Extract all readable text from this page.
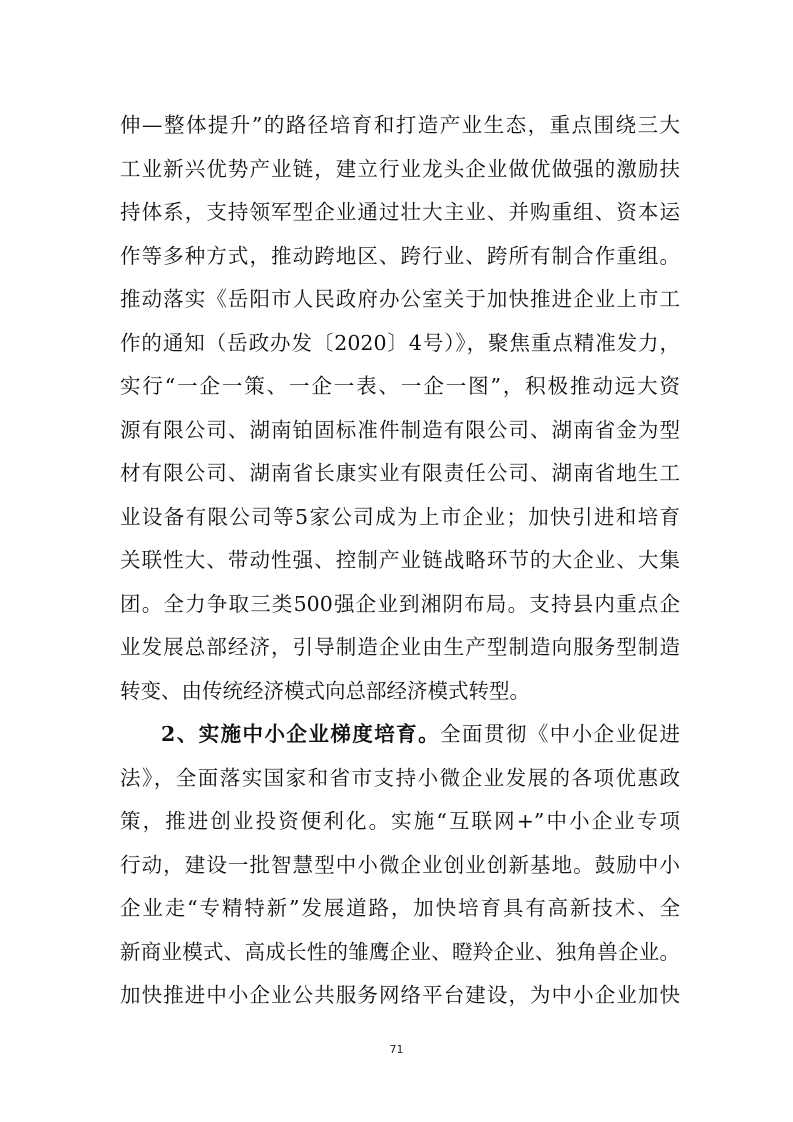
伸—整体提升”的路径培育和打造产业生态，重点围绕三大
工业新兴优势产业链，建立行业龙头企业做优做强的激励扶
持体系，支持领军型企业通过壮大主业、并购重组、资本运
作等多种方式，推动跨地区、跨行业、跨所有制合作重组。
推动落实《岳阳市人民政府办公室关于加快推进企业上市工
作的通知（岳政办发〔2020〕4号）》，聚焦重点精准发力，
实行“一企一策、一企一表、一企一图”，积极推动远大资
源有限公司、湖南铂固标准件制造有限公司、湖南省金为型
材有限公司、湖南省长康实业有限责任公司、湖南省地生工
业设备有限公司等5家公司成为上市企业；加快引进和培育
关联性大、带动性强、控制产业链战略环节的大企业、大集
团。全力争取三类500强企业到湘阴布局。支持县内重点企
业发展总部经济，引导制造企业由生产型制造向服务型制造
转变、由传统经济模式向总部经济模式转型。
2、实施中小企业梯度培育。全面贯彻《中小企业促进
法》，全面落实国家和省市支持小微企业发展的各项优惠政
策，推进创业投资便利化。实施“互联网+”中小企业专项
行动，建设一批智慧型中小微企业创业创新基地。鼓励中小
企业走“专精特新”发展道路，加快培育具有高新技术、全
新商业模式、高成长性的雏鹰企业、瞪羚企业、独角兽企业。
加快推进中小企业公共服务网络平台建设，为中小企业加快
71
